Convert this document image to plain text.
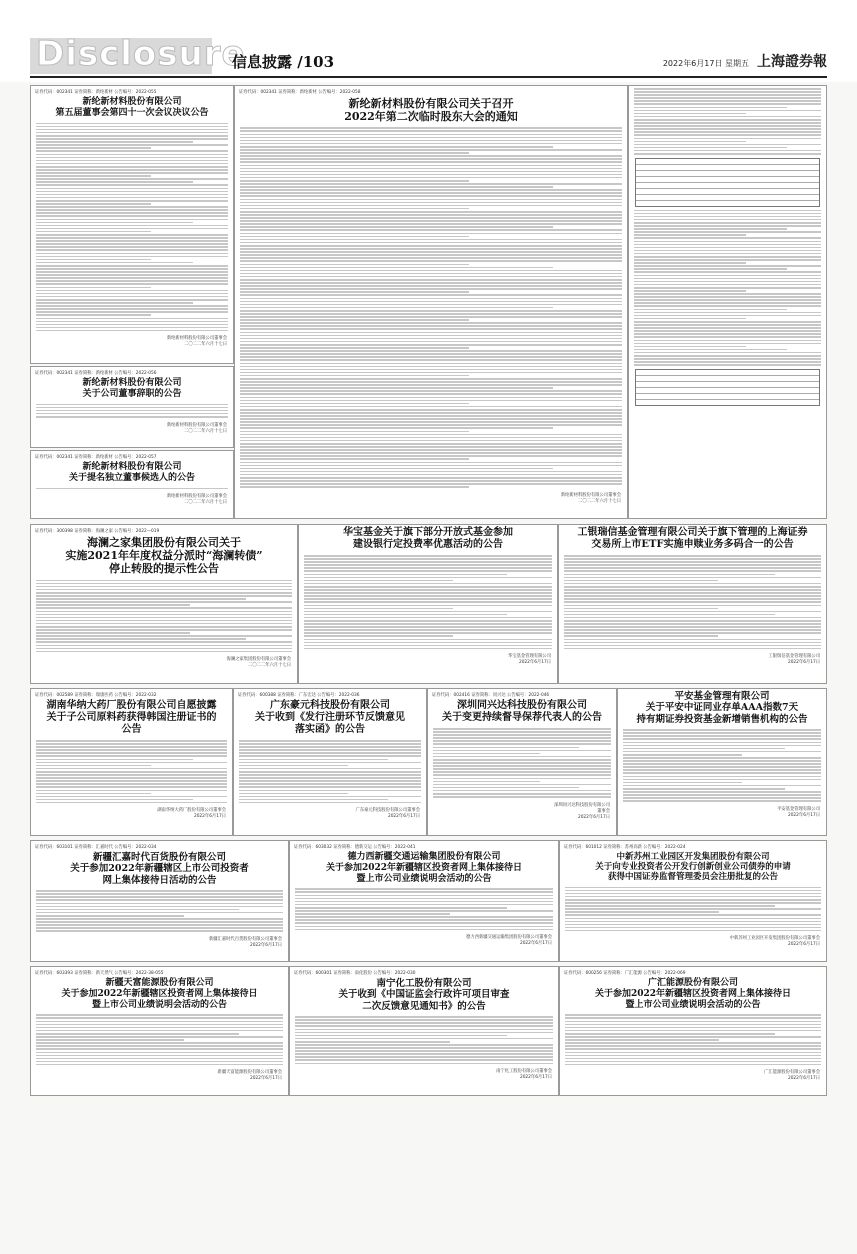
Disclosure
信息披露 /103	2022年6月17日 星期五 上海證券報
证券代码：002341 证券简称：新纶新材 公告编号：2022-055
新纶新材料股份有限公司
第五届董事会第四十一次会议决议公告
新纶新材料股份有限公司董事会
二〇二二年六月十七日
证券代码：002341 证券简称：新纶新材 公告编号：2022-056
新纶新材料股份有限公司
关于公司董事辞职的公告
新纶新材料股份有限公司董事会
二〇二二年六月十七日
证券代码：002341 证券简称：新纶新材 公告编号：2022-057
新纶新材料股份有限公司
关于提名独立董事候选人的公告
新纶新材料股份有限公司董事会
二〇二二年六月十七日
证券代码：002341 证券简称：新纶新材 公告编号：2022-058
新纶新材料股份有限公司关于召开
2022年第二次临时股东大会的通知
新纶新材料股份有限公司董事会
二〇二二年六月十七日
证券代码：300398 证券简称：海澜之家 公告编号：2022—019
海澜之家集团股份有限公司关于
实施2021年年度权益分派时“海澜转债”
停止转股的提示性公告
海澜之家集团股份有限公司董事会
二〇二二年六月十七日
华宝基金关于旗下部分开放式基金参加
建设银行定投费率优惠活动的公告
华宝基金管理有限公司
2022年6月17日
工银瑞信基金管理有限公司关于旗下管理的上海证券
交易所上市ETF实施申赎业务多码合一的公告
工银瑞信基金管理有限公司
2022年6月17日
证券代码：002589 证券简称：瑞康医药 公告编号：2022-032
湖南华纳大药厂股份有限公司自愿披露
关于子公司原料药获得韩国注册证书的
公告
湖南华纳大药厂股份有限公司董事会
2022年6月17日
证券代码：600388 证券简称：广东宏达 公告编号：2022-036
广东豪元科技股份有限公司
关于收到《发行注册环节反馈意见
落实函》的公告
广东豪元科技股份有限公司董事会
2022年6月17日
证券代码：002416 证券简称：同兴达 公告编号：2022-046
深圳同兴达科技股份有限公司
关于变更持续督导保荐代表人的公告
深圳同兴达科技股份有限公司
董事会
2022年6月17日
平安基金管理有限公司
关于平安中证同业存单AAA指数7天
持有期证券投资基金新增销售机构的公告
平安基金管理有限公司
2022年6月17日
证券代码：603101 证券简称：汇嘉时代 公告编号：2022-034
新疆汇嘉时代百货股份有限公司
关于参加2022年新疆辖区上市公司投资者
网上集体接待日活动的公告
新疆汇嘉时代百货股份有限公司董事会
2022年6月17日
证券代码：603032 证券简称：德新交运 公告编号：2022-041
德力西新疆交通运输集团股份有限公司
关于参加2022年新疆辖区投资者网上集体接待日
暨上市公司业绩说明会活动的公告
德力西新疆交通运输集团股份有限公司董事会
2022年6月17日
证券代码：601012 证券简称：苏州高新 公告编号：2022-024
中新苏州工业园区开发集团股份有限公司
关于向专业投资者公开发行创新创业公司债券的申请
获得中国证券监督管理委员会注册批复的公告
中新苏州工业园区开发集团股份有限公司董事会
2022年6月17日
证券代码：603393 证券简称：新天然气 公告编号：2022-38-055
新疆天富能源股份有限公司
关于参加2022年新疆辖区投资者网上集体接待日
暨上市公司业绩说明会活动的公告
新疆天富能源股份有限公司董事会
2022年6月17日
证券代码：600301 证券简称：南化股份 公告编号：2022-030
南宁化工股份有限公司
关于收到《中国证监会行政许可项目审查
二次反馈意见通知书》的公告
南宁化工股份有限公司董事会
2022年6月17日
证券代码：600256 证券简称：广汇能源 公告编号：2022-069
广汇能源股份有限公司
关于参加2022年新疆辖区投资者网上集体接待日
暨上市公司业绩说明会活动的公告
广汇能源股份有限公司董事会
2022年6月17日
